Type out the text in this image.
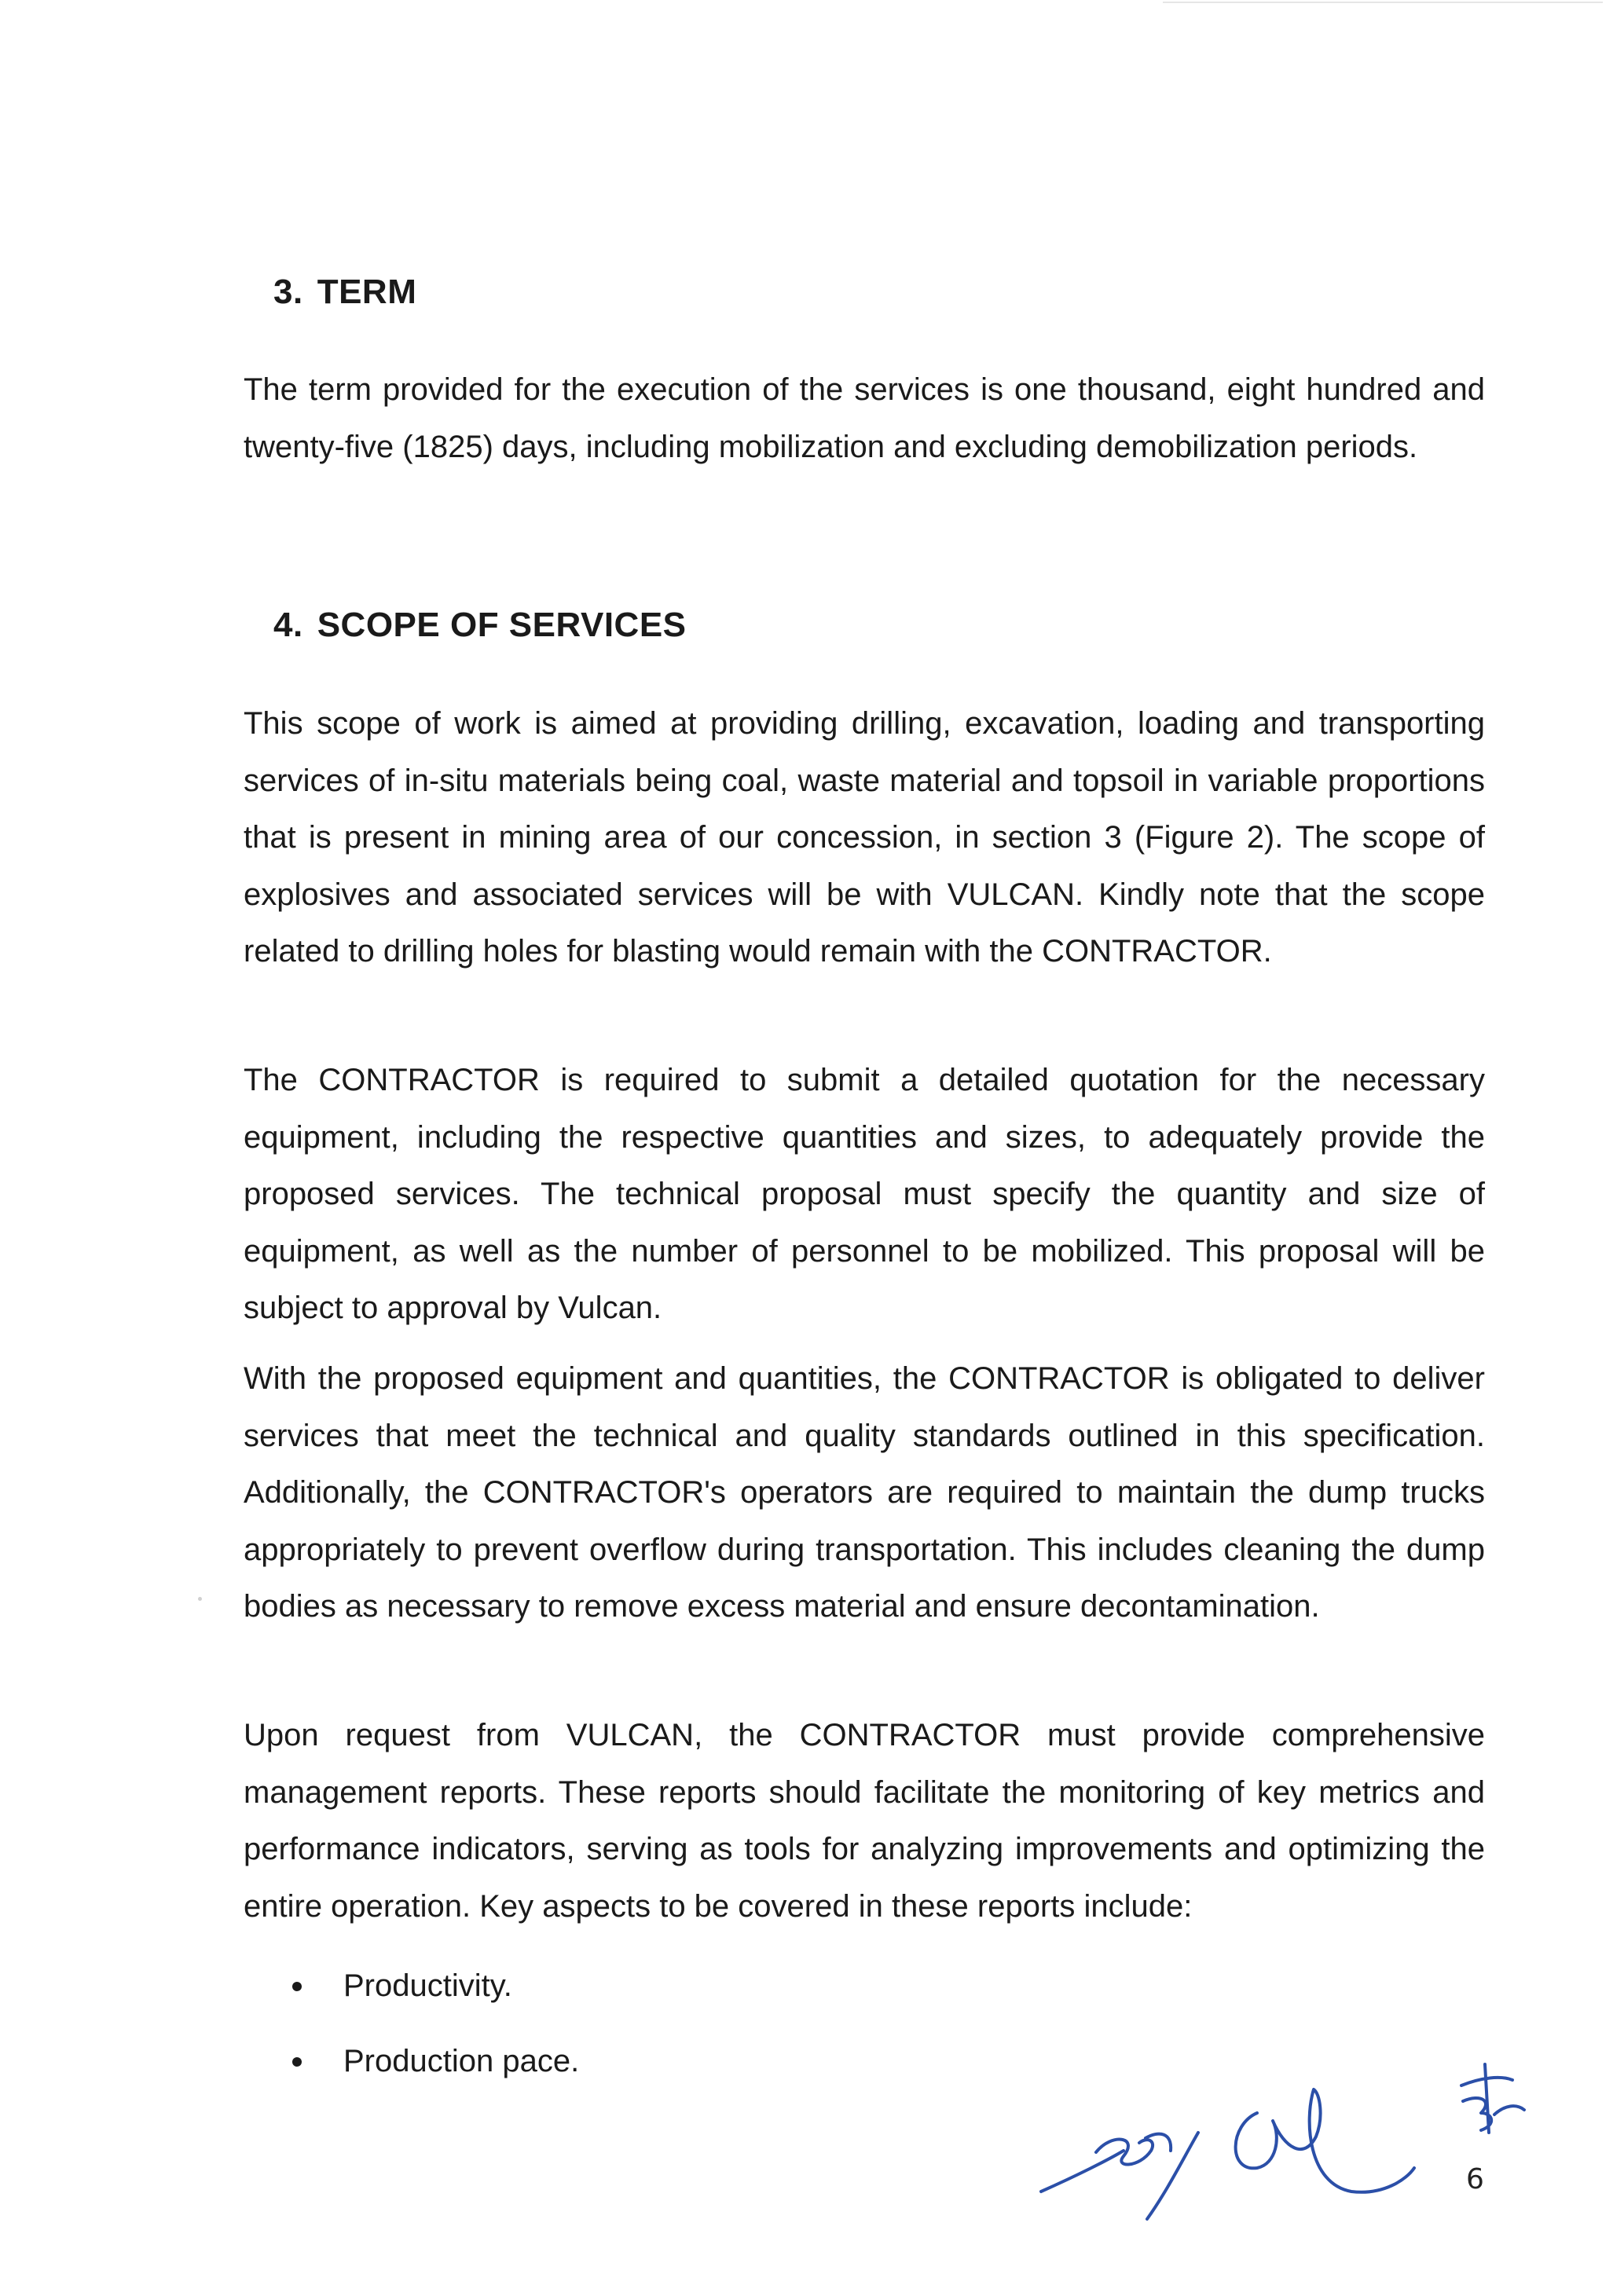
3. TERM

The term provided for the execution of the services is one thousand, eight hundred and twenty-five (1825) days, including mobilization and excluding demobilization periods.

4. SCOPE OF SERVICES

This scope of work is aimed at providing drilling, excavation, loading and transporting services of in-situ materials being coal, waste material and topsoil in variable proportions that is present in mining area of our concession, in section 3 (Figure 2). The scope of explosives and associated services will be with VULCAN. Kindly note that the scope related to drilling holes for blasting would remain with the CONTRACTOR.

The CONTRACTOR is required to submit a detailed quotation for the necessary equipment, including the respective quantities and sizes, to adequately provide the proposed services. The technical proposal must specify the quantity and size of equipment, as well as the number of personnel to be mobilized. This proposal will be subject to approval by Vulcan.

With the proposed equipment and quantities, the CONTRACTOR is obligated to deliver services that meet the technical and quality standards outlined in this specification. Additionally, the CONTRACTOR's operators are required to maintain the dump trucks appropriately to prevent overflow during transportation. This includes cleaning the dump bodies as necessary to remove excess material and ensure decontamination.

Upon request from VULCAN, the CONTRACTOR must provide comprehensive management reports. These reports should facilitate the monitoring of key metrics and performance indicators, serving as tools for analyzing improvements and optimizing the entire operation. Key aspects to be covered in these reports include:

Productivity.
Production pace.
6
